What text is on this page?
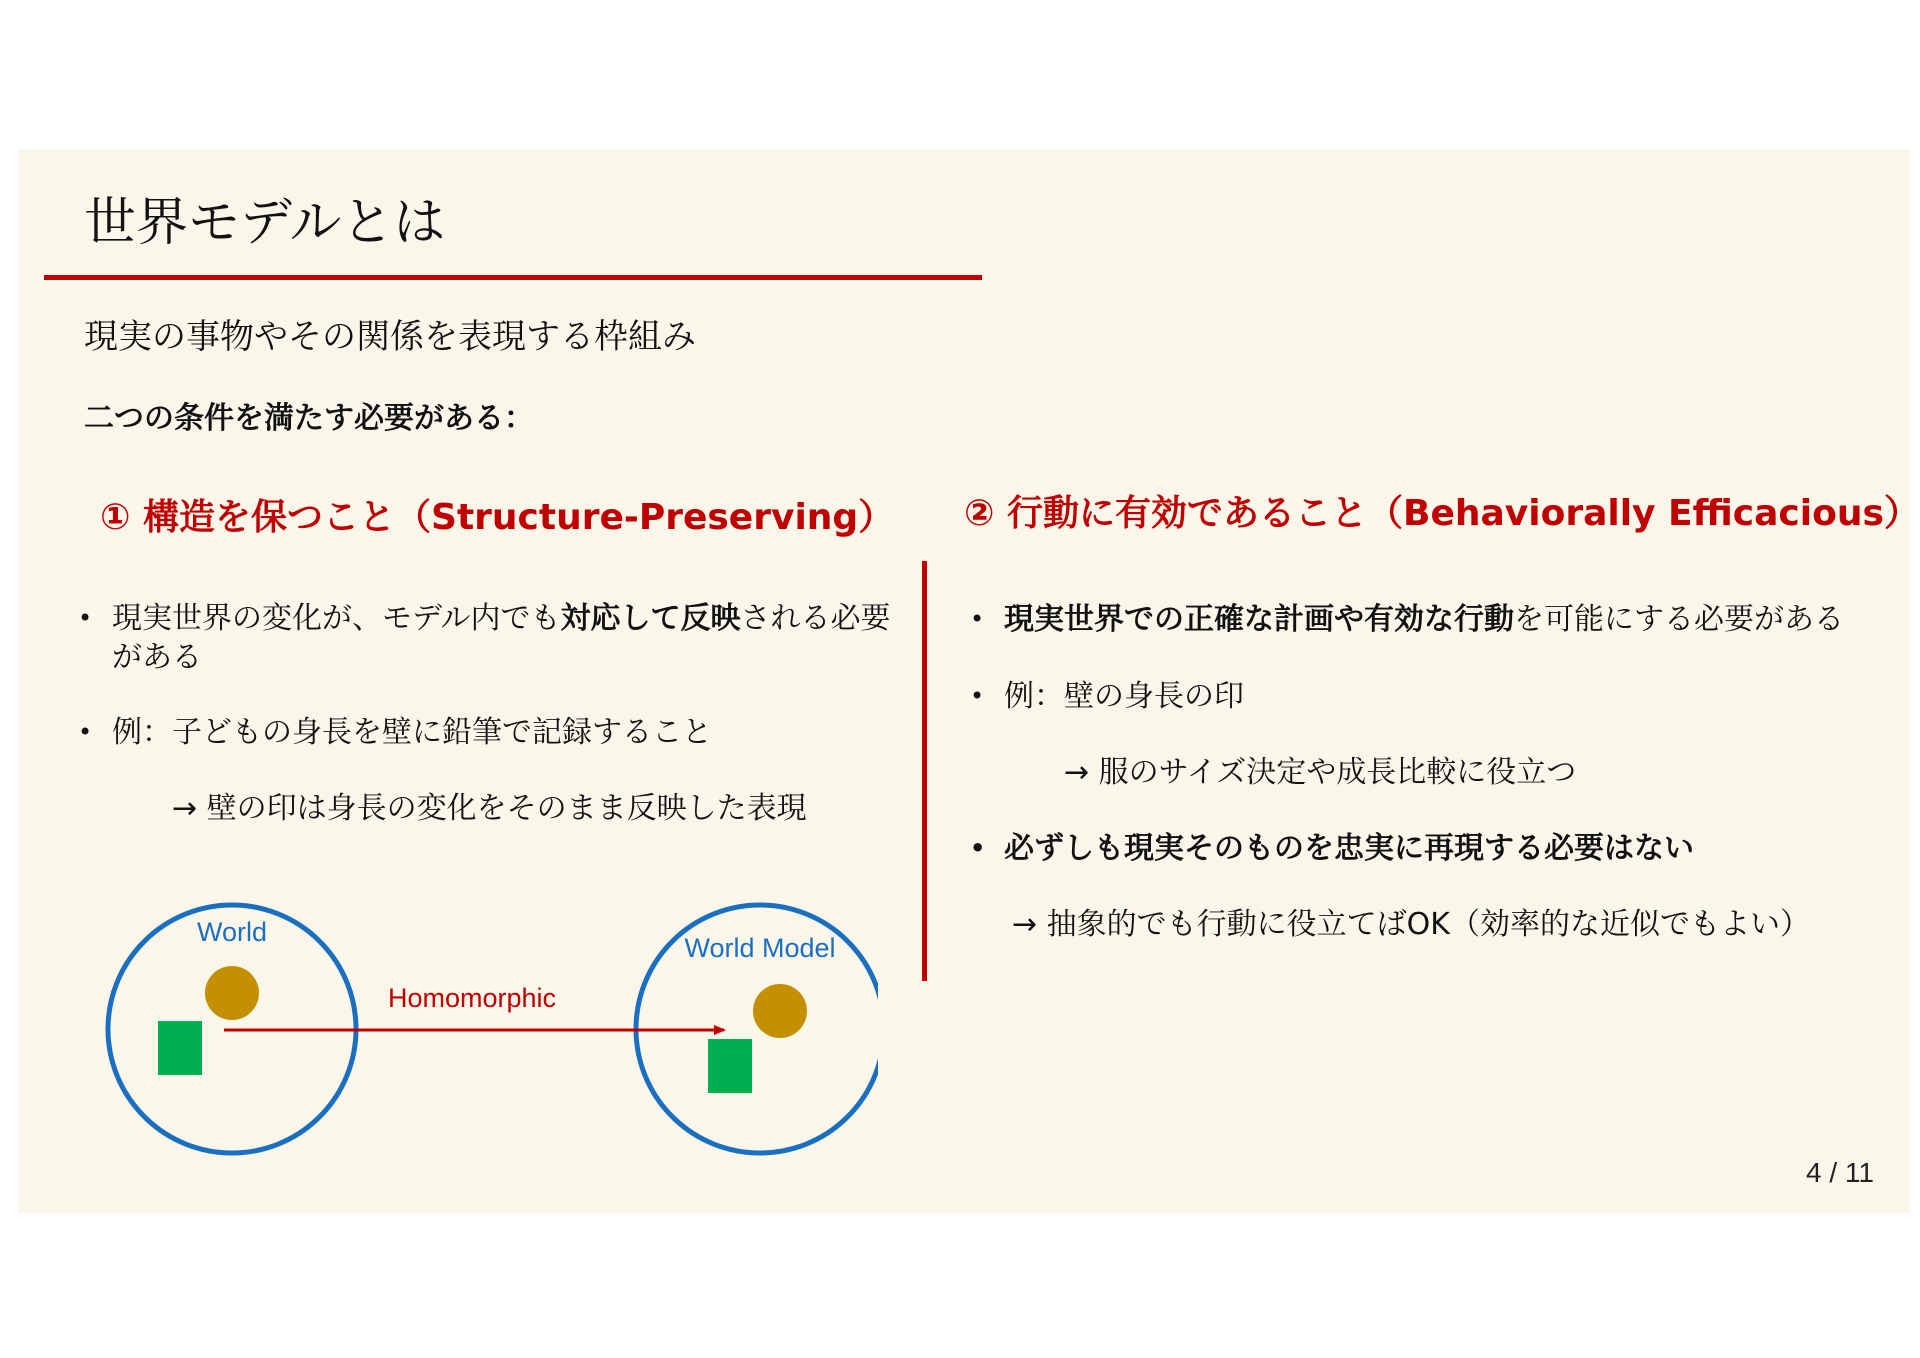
世界モデルとは
現実の事物やその関係を表現する枠組み
二つの条件を満たす必要がある：
① 構造を保つこと（Structure-Preserving）
• 現実世界の変化が、モデル内でも対応して反映される必要がある
• 例：子どもの身長を壁に鉛筆で記録すること
→ 壁の印は身長の変化をそのまま反映した表現
② 行動に有効であること（Behaviorally Efficacious）
• 現実世界での正確な計画や有効な行動を可能にする必要がある
• 例：壁の身長の印
→ 服のサイズ決定や成長比較に役立つ
• 必ずしも現実そのものを忠実に再現する必要はない
→ 抽象的でも行動に役立てばOK（効率的な近似でもよい）
World
World Model
Homomorphic
4 / 11
